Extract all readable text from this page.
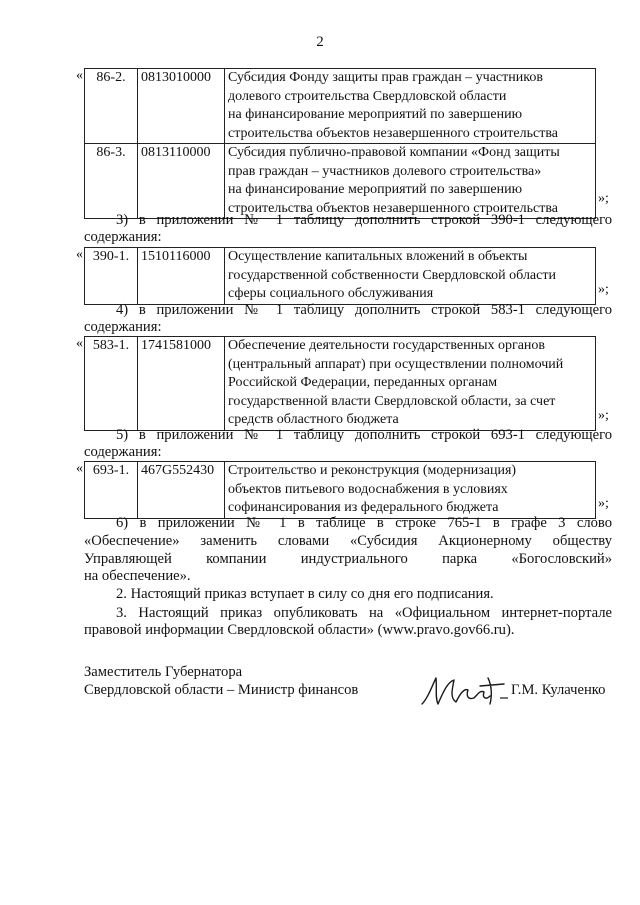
2
« 86-2.	0813010000	Субсидия Фонду защиты прав граждан – участников
долевого строительства Свердловской области
на финансирование мероприятий по завершению
строительства объектов незавершенного строительства

86-3.	0813110000	Субсидия публично-правовой компании «Фонд защиты
прав граждан – участников долевого строительства»
на финансирование мероприятий по завершению
строительства объектов незавершенного строительства
»;
3) в приложении № 1 таблицу дополнить строкой 390-1 следующего
содержания:
« 390-1.	1510116000	Осуществление капитальных вложений в объекты
государственной собственности Свердловской области
сферы социального обслуживания	»;
4) в приложении № 1 таблицу дополнить строкой 583-1 следующего
содержания:
« 583-1.	1741581000	Обеспечение деятельности государственных органов
(центральный аппарат) при осуществлении полномочий
Российской Федерации, переданных органам
государственной власти Свердловской области, за счет
средств областного бюджета	»;
5) в приложении № 1 таблицу дополнить строкой 693-1 следующего
содержания:
« 693-1.	467G552430	Строительство и реконструкция (модернизация)
объектов питьевого водоснабжения в условиях
софинансирования из федерального бюджета	»;
6) в приложении № 1 в таблице в строке 765-1 в графе 3 слово
«Обеспечение» заменить словами «Субсидия Акционерному обществу
Управляющей компании индустриального парка «Богословский»
на обеспечение».
2. Настоящий приказ вступает в силу со дня его подписания.
3. Настоящий приказ опубликовать на «Официальном интернет-портале
правовой информации Свердловской области» (www.pravo.gov66.ru).
Заместитель Губернатора
Свердловской области – Министр финансов	Г.М. Кулаченко
